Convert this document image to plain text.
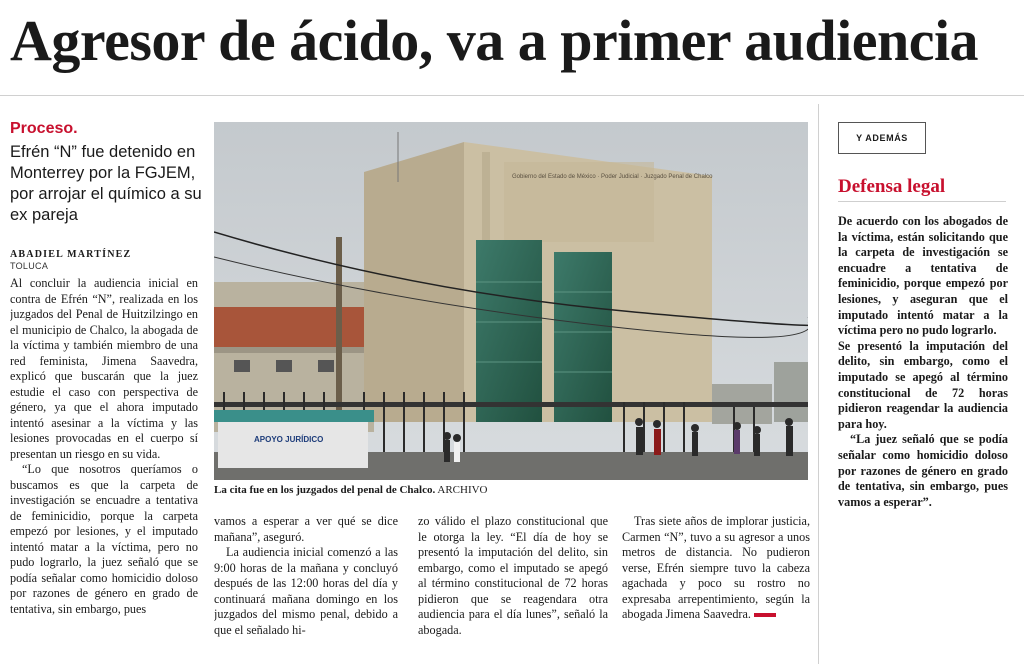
Agresor de ácido, va a primer audiencia
Proceso.
Efrén “N” fue detenido en Monterrey por la FGJEM, por arrojar el químico a su ex pareja
ABADIEL MARTÍNEZ
TOLUCA

Al concluir la audiencia inicial en contra de Efrén “N”, realizada en los juzgados del Penal de Huitzilzingo en el municipio de Chalco, la abogada de la víctima y también miembro de una red feminista, Jimena Saavedra, explicó que buscarán que la juez estudie el caso con perspectiva de género, ya que el ahora imputado intentó asesinar a la víctima y las lesiones provocadas en el cuerpo sí presentan un riesgo en su vida.

“Lo que nosotros queríamos o buscamos es que la carpeta de investigación se encuadre a tentativa de feminicidio, porque la carpeta empezó por lesiones, y el imputado intentó matar a la víctima, pero no pudo lograrlo, la juez señaló que se podía señalar como homicidio doloso por razones de género en grado de tentativa, sin embargo, pues

Gobierno del Estado de México · Poder Judicial · Juzgado Penal de Chalco
APOYO JURÍDICO
La cita fue en los juzgados del penal de Chalco. ARCHIVO

vamos a esperar a ver qué se dice mañana”, aseguró.

La audiencia inicial comenzó a las 9:00 horas de la mañana y concluyó después de las 12:00 horas del día y continuará mañana domingo en los juzgados del mismo penal, debido a que el señalado hi-

zo válido el plazo constitucional que le otorga la ley. “El día de hoy se presentó la imputación del delito, sin embargo, como el imputado se apegó al término constitucional de 72 horas pidieron que se reagendara otra audiencia para el día lunes”, señaló la abogada.

Tras siete años de implorar justicia, Carmen “N”, tuvo a su agresor a unos metros de distancia. No pudieron verse, Efrén siempre tuvo la cabeza agachada y poco su rostro no expresaba arrepentimiento, según la abogada Jimena Saavedra.

Y ADEMÁS
Defensa legal

De acuerdo con los abogados de la víctima, están solicitando que la carpeta de investigación se encuadre a tentativa de feminicidio, porque empezó por lesiones, y aseguran que el imputado intentó matar a la víctima pero no pudo lograrlo.

Se presentó la imputación del delito, sin embargo, como el imputado se apegó al término constitucional de 72 horas pidieron reagendar la audiencia para hoy.

“La juez señaló que se podía señalar como homicidio doloso por razones de género en grado de tentativa, sin embargo, pues vamos a esperar”.
